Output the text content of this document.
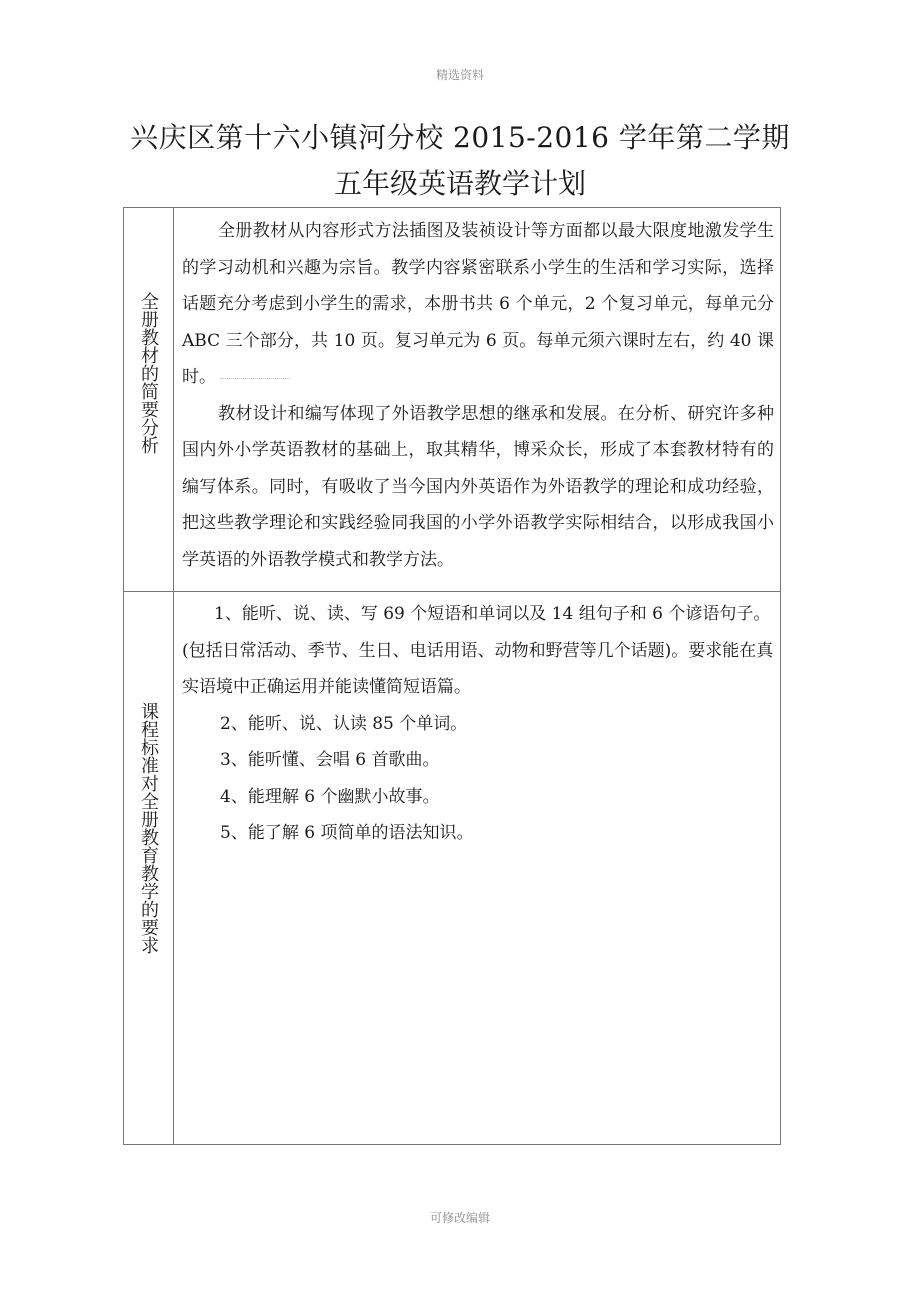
精选资料
兴庆区第十六小镇河分校 2015-2016 学年第二学期
五年级英语教学计划
全册教材的简要分析

全册教材从内容形式方法插图及装祯设计等方面都以最大限度地激发学生的学习动机和兴趣为宗旨。教学内容紧密联系小学生的生活和学习实际，选择话题充分考虑到小学生的需求，本册书共 6 个单元，2 个复习单元，每单元分 ABC 三个部分，共 10 页。复习单元为 6 页。每单元须六课时左右，约 40 课时。

教材设计和编写体现了外语教学思想的继承和发展。在分析、研究许多种国内外小学英语教材的基础上，取其精华，博采众长，形成了本套教材特有的编写体系。同时，有吸收了当今国内外英语作为外语教学的理论和成功经验，把这些教学理论和实践经验同我国的小学外语教学实际相结合，以形成我国小学英语的外语教学模式和教学方法。

课程标准对全册教育教学的要求

1、能听、说、读、写 69 个短语和单词以及 14 组句子和 6 个谚语句子。(包括日常活动、季节、生日、电话用语、动物和野营等几个话题)。要求能在真实语境中正确运用并能读懂简短语篇。

2、能听、说、认读 85 个单词。

3、能听懂、会唱 6 首歌曲。

4、能理解 6 个幽默小故事。

5、能了解 6 项简单的语法知识。

可修改编辑
